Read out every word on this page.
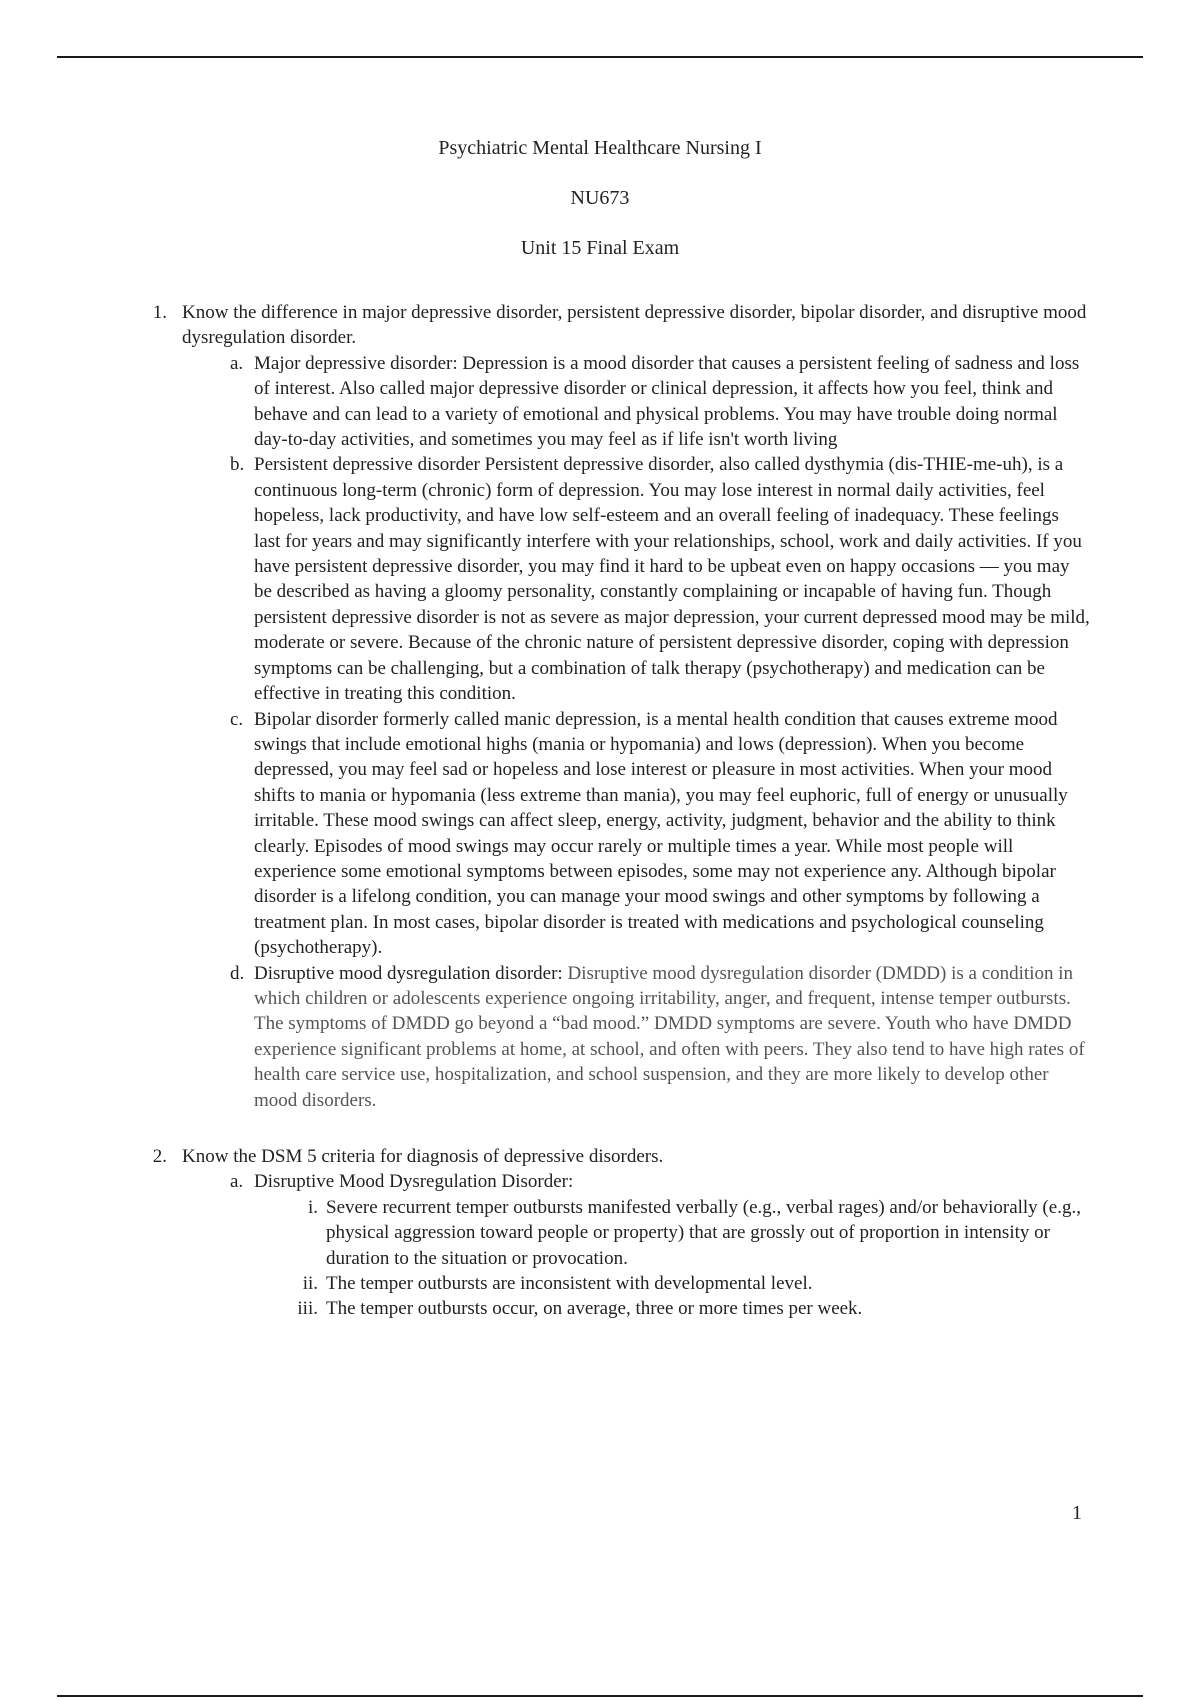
Psychiatric Mental Healthcare Nursing I
NU673
Unit 15 Final Exam
1. Know the difference in major depressive disorder, persistent depressive disorder, bipolar disorder, and disruptive mood dysregulation disorder.
a. Major depressive disorder: Depression is a mood disorder that causes a persistent feeling of sadness and loss of interest. Also called major depressive disorder or clinical depression, it affects how you feel, think and behave and can lead to a variety of emotional and physical problems. You may have trouble doing normal day-to-day activities, and sometimes you may feel as if life isn't worth living
b. Persistent depressive disorder Persistent depressive disorder, also called dysthymia (dis-THIE-me-uh), is a continuous long-term (chronic) form of depression. You may lose interest in normal daily activities, feel hopeless, lack productivity, and have low self-esteem and an overall feeling of inadequacy. These feelings last for years and may significantly interfere with your relationships, school, work and daily activities. If you have persistent depressive disorder, you may find it hard to be upbeat even on happy occasions — you may be described as having a gloomy personality, constantly complaining or incapable of having fun. Though persistent depressive disorder is not as severe as major depression, your current depressed mood may be mild, moderate or severe. Because of the chronic nature of persistent depressive disorder, coping with depression symptoms can be challenging, but a combination of talk therapy (psychotherapy) and medication can be effective in treating this condition.
c. Bipolar disorder formerly called manic depression, is a mental health condition that causes extreme mood swings that include emotional highs (mania or hypomania) and lows (depression). When you become depressed, you may feel sad or hopeless and lose interest or pleasure in most activities. When your mood shifts to mania or hypomania (less extreme than mania), you may feel euphoric, full of energy or unusually irritable. These mood swings can affect sleep, energy, activity, judgment, behavior and the ability to think clearly. Episodes of mood swings may occur rarely or multiple times a year. While most people will experience some emotional symptoms between episodes, some may not experience any. Although bipolar disorder is a lifelong condition, you can manage your mood swings and other symptoms by following a treatment plan. In most cases, bipolar disorder is treated with medications and psychological counseling (psychotherapy).
d. Disruptive mood dysregulation disorder: Disruptive mood dysregulation disorder (DMDD) is a condition in which children or adolescents experience ongoing irritability, anger, and frequent, intense temper outbursts. The symptoms of DMDD go beyond a “bad mood.” DMDD symptoms are severe. Youth who have DMDD experience significant problems at home, at school, and often with peers. They also tend to have high rates of health care service use, hospitalization, and school suspension, and they are more likely to develop other mood disorders.
2. Know the DSM 5 criteria for diagnosis of depressive disorders.
a. Disruptive Mood Dysregulation Disorder:
i. Severe recurrent temper outbursts manifested verbally (e.g., verbal rages) and/or behaviorally (e.g., physical aggression toward people or property) that are grossly out of proportion in intensity or duration to the situation or provocation.
ii. The temper outbursts are inconsistent with developmental level.
iii. The temper outbursts occur, on average, three or more times per week.
1
